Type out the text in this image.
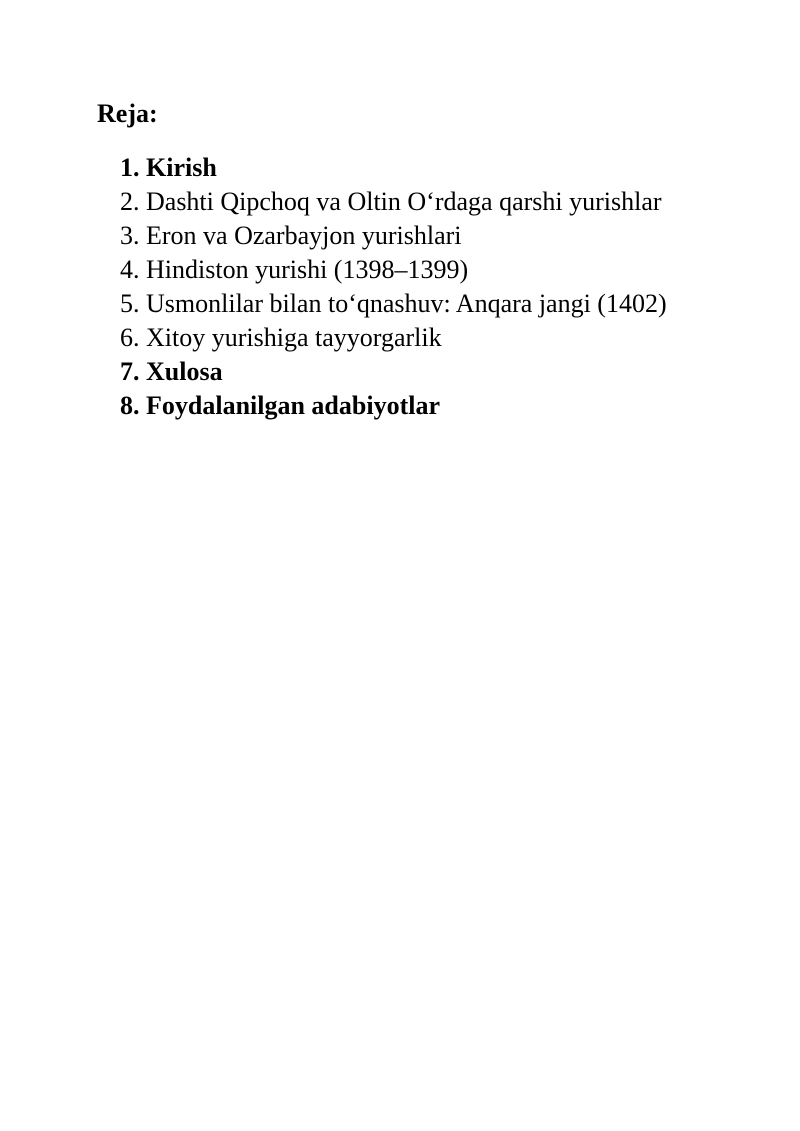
Reja:
1. Kirish
2. Dashti Qipchoq va Oltin O‘rdaga qarshi yurishlar
3. Eron va Ozarbayjon yurishlari
4. Hindiston yurishi (1398–1399)
5. Usmonlilar bilan to‘qnashuv: Anqara jangi (1402)
6. Xitoy yurishiga tayyorgarlik
7. Xulosa
8. Foydalanilgan adabiyotlar
